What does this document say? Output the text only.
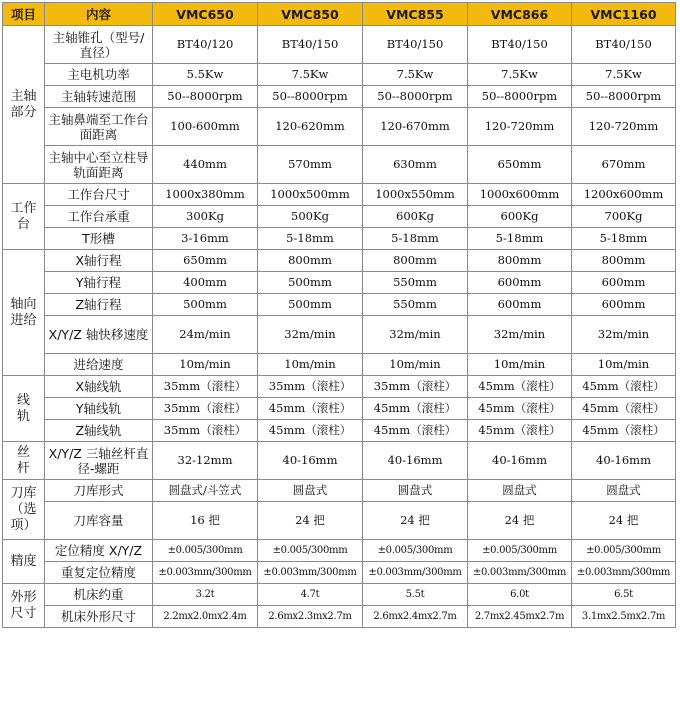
项目	内容	VMC650	VMC850	VMC855	VMC866	VMC1160
主轴
部分	主轴锥孔（型号/直径）	BT40/120	BT40/150	BT40/150	BT40/150	BT40/150
	主电机功率	5.5Kw	7.5Kw	7.5Kw	7.5Kw	7.5Kw
	主轴转速范围	50--8000rpm	50--8000rpm	50--8000rpm	50--8000rpm	50--8000rpm
	主轴鼻端至工作台面距离	100-600mm	120-620mm	120-670mm	120-720mm	120-720mm
	主轴中心至立柱导轨面距离	440mm	570mm	630mm	650mm	670mm
工作
台	工作台尺寸	1000x380mm	1000x500mm	1000x550mm	1000x600mm	1200x600mm
	工作台承重	300Kg	500Kg	600Kg	600Kg	700Kg
	T形槽	3-16mm	5-18mm	5-18mm	5-18mm	5-18mm
轴向
进给	X轴行程	650mm	800mm	800mm	800mm	800mm
	Y轴行程	400mm	500mm	550mm	600mm	600mm
	Z轴行程	500mm	500mm	550mm	600mm	600mm
	X/Y/Z 轴快移速度	24m/min	32m/min	32m/min	32m/min	32m/min
	进给速度	10m/min	10m/min	10m/min	10m/min	10m/min
线
轨	X轴线轨	35mm（滚柱）	35mm（滚柱）	35mm（滚柱）	45mm（滚柱）	45mm（滚柱）
	Y轴线轨	35mm（滚柱）	45mm（滚柱）	45mm（滚柱）	45mm（滚柱）	45mm（滚柱）
	Z轴线轨	35mm（滚柱）	45mm（滚柱）	45mm（滚柱）	45mm（滚柱）	45mm（滚柱）
丝
杆	X/Y/Z 三轴丝杆直径-螺距	32-12mm	40-16mm	40-16mm	40-16mm	40-16mm
刀库
（选
项）	刀库形式	圆盘式/斗笠式	圆盘式	圆盘式	圆盘式	圆盘式
	刀库容量	16 把	24 把	24 把	24 把	24 把
精度	定位精度 X/Y/Z	±0.005/300mm	±0.005/300mm	±0.005/300mm	±0.005/300mm	±0.005/300mm
	重复定位精度	±0.003mm/300mm	±0.003mm/300mm	±0.003mm/300mm	±0.003mm/300mm	±0.003mm/300mm
外形
尺寸	机床约重	3.2t	4.7t	5.5t	6.0t	6.5t
	机床外形尺寸	2.2mx2.0mx2.4m	2.6mx2.3mx2.7m	2.6mx2.4mx2.7m	2.7mx2.45mx2.7m	3.1mx2.5mx2.7m
